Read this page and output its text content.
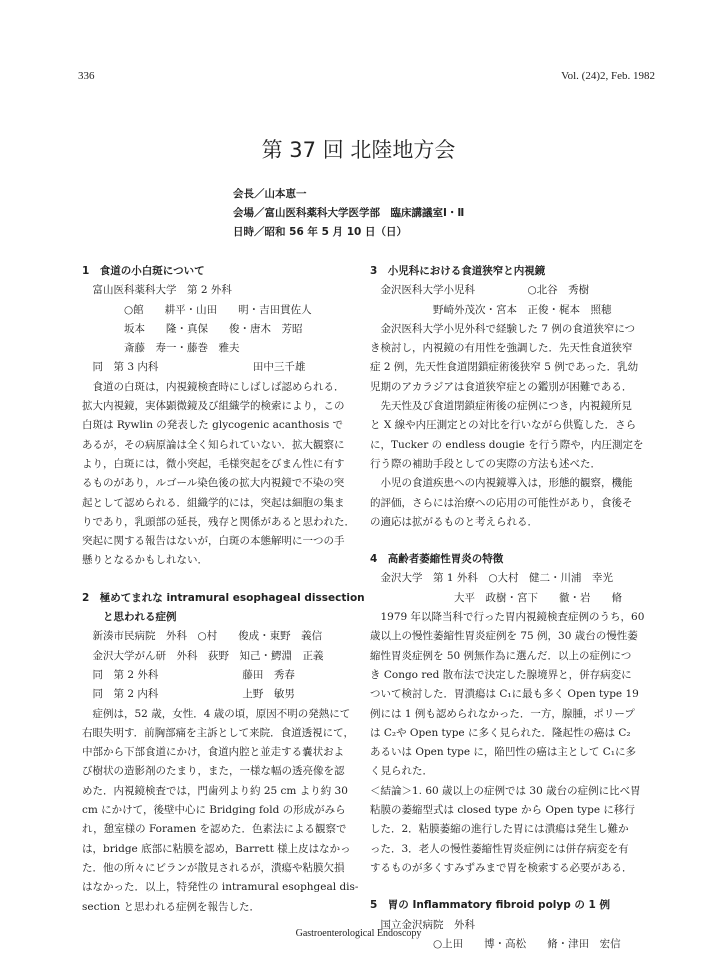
336	Vol. (24)2, Feb. 1982
第 37 回 北陸地方会
会長／山本恵一
会場／富山医科薬科大学医学部　臨床講議室Ⅰ・Ⅱ
日時／昭和 56 年 5 月 10 日（日）
1　食道の小白斑について
　富山医科薬科大学　第 2 外科
　　　　○館　　耕平・山田　　明・吉田貫佐人
　　　　坂本　　隆・真保　　俊・唐木　芳昭
　　　　斎藤　寿一・藤巻　雅夫
　同　第 3 内科　　　　　　　　　田中三千雄
　食道の白斑は，内視鏡検査時にしばしば認められる．
拡大内視鏡，実体顕微鏡及び組織学的検索により，この
白斑は Rywlin の発表した glycogenic acanthosis で
あるが，その病原論は全く知られていない．拡大観察に
より，白斑には，微小突起，毛様突起をびまん性に有す
るものがあり，ルゴール染色後の拡大内視鏡で不染の突
起として認められる．組織学的には，突起は細胞の集ま
りであり，乳頭部の延長，残存と関係があると思われた．
突起に関する報告はないが，白斑の本態解明に一つの手
懸りとなるかもしれない．
2　極めてまれな intramural esophageal dissection
　　と思われる症例
　新湊市民病院　外科　○村　　俊成・東野　義信
　金沢大学がん研　外科　荻野　知己・鰐淵　正義
　同　第 2 外科　　　　　　　　藤田　秀春
　同　第 2 内科　　　　　　　　上野　敏男
　症例は，52 歳，女性．4 歳の頃，原因不明の発熱にて
右眼失明す．前胸部痛を主訴として来院．食道透視にて，
中部から下部食道にかけ，食道内腔と並走する嚢状およ
び樹状の造影剤のたまり，また，一様な幅の透亮像を認
めた．内視鏡検査では，門歯列より約 25 cm より約 30
cm にかけて，後壁中心に Bridging fold の形成がみら
れ，憩室様の Foramen を認めた．色素法による観察で
は，bridge 底部に粘膜を認め，Barrett 様上皮はなかっ
た．他の所々にビランが散見されるが，潰瘍や粘膜欠損
はなかった．以上，特発性の intramural esophgeal dis-
section と思われる症例を報告した．
3　小児科における食道狭窄と内視鏡
　金沢医科大学小児科　　　　　○北谷　秀樹
　　　　　　野崎外茂次・宮本　正俊・梶本　照穂
　金沢医科大学小児外科で経験した 7 例の食道狭窄につ
き検討し，内視鏡の有用性を強調した．先天性食道狭窄
症 2 例，先天性食道閉鎖症術後狭窄 5 例であった．乳幼
児期のアカラジアは食道狭窄症との鑑別が困難である．
　先天性及び食道閉鎖症術後の症例につき，内視鏡所見
と X 線や内圧測定との対比を行いながら供覧した．さら
に，Tucker の endless dougie を行う際や，内圧測定を
行う際の補助手段としての実際の方法も述べた．
　小児の食道疾患への内視鏡導入は，形態的観察，機能
的評価，さらには治療への応用の可能性があり，食後そ
の適応は拡がるものと考えられる．
4　高齢者萎縮性胃炎の特徴
　金沢大学　第 1 外科　○大村　健二・川浦　幸光
　　　　　　　　大平　政樹・宮下　　徹・岩　　脩
　1979 年以降当科で行った胃内視鏡検査症例のうち，60
歳以上の慢性萎縮性胃炎症例を 75 例，30 歳台の慢性萎
縮性胃炎症例を 50 例無作為に選んだ．以上の症例につ
き Congo red 散布法で決定した腺境界と，併存病変に
ついて検討した．胃潰瘍は C₁に最も多く Open type 19
例には 1 例も認められなかった．一方，腺腫，ポリープ
は C₂や Open type に多く見られた．隆起性の癌は C₂
あるいは Open type に，陥凹性の癌は主として C₁に多
く見られた．
＜結論＞1. 60 歳以上の症例では 30 歳台の症例に比べ胃
粘膜の萎縮型式は closed type から Open type に移行
した．2．粘膜萎縮の進行した胃には潰瘍は発生し難か
った．3．老人の慢性萎縮性胃炎症例には併存病変を有
するものが多くすみずみまで胃を検索する必要がある．
5　胃の Inflammatory fibroid polyp の 1 例
　国立金沢病院　外科
　　　　　　○上田　　博・高松　　脩・津田　宏信
Gastroenterological Endoscopy
